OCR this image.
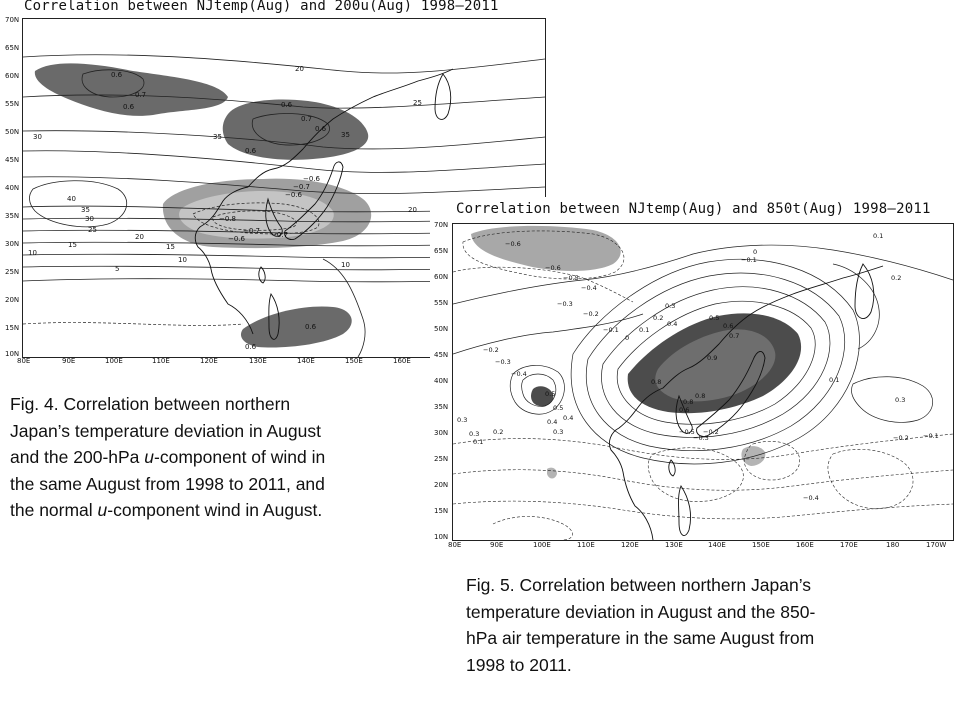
Correlation between NJtemp(Aug) and 200u(Aug) 1998–2011
20
25
30	35
40
35
30
25
20
15
10
5	10
20
15
10
35
0.6
0.7
0.6	0.6
0.7
0.6
0.6
−0.6
−0.7
−0.8
−0.7
−0.6	−0.7
−0.6
0.6
0.6
70N
65N
60N
55N
50N
45N
40N
35N
30N
25N
20N
15N
10N
80E	90E	100E	110E	120E	130E	140E	150E	160E
Correlation between NJtemp(Aug) and 850t(Aug) 1998–2011
−0.6
−0.6
−0.5
−0.4
−0.3
−0.2
−0.1
0
0.1
0.2
0.3
0.4
0.5
0.6
0.7
0.8
0.9
0.8
0.8
0.6
0.5
0.4
0.3
0.2
0.1
0
−0.1
−0.2
−0.3
−0.4
0.1
0.2
0.3
0.1
−0.1
−0.2
0.3
0.5
0.4
0.3	−0.2
−0.3
−0.4
−0.5
70N
65N
60N
55N
50N
45N
40N
35N
30N
25N
20N
15N
10N
80E	90E	100E	110E	120E	130E	140E	150E	160E	170E	180	170W
Fig. 4. Correlation between northern
Japan’s temperature deviation in August
and the 200-hPa u-component of wind in
the same August from 1998 to 2011, and
the normal u-component wind in August.
Fig. 5. Correlation between northern Japan’s
temperature deviation in August and the 850-
hPa air temperature in the same August from
1998 to 2011.
